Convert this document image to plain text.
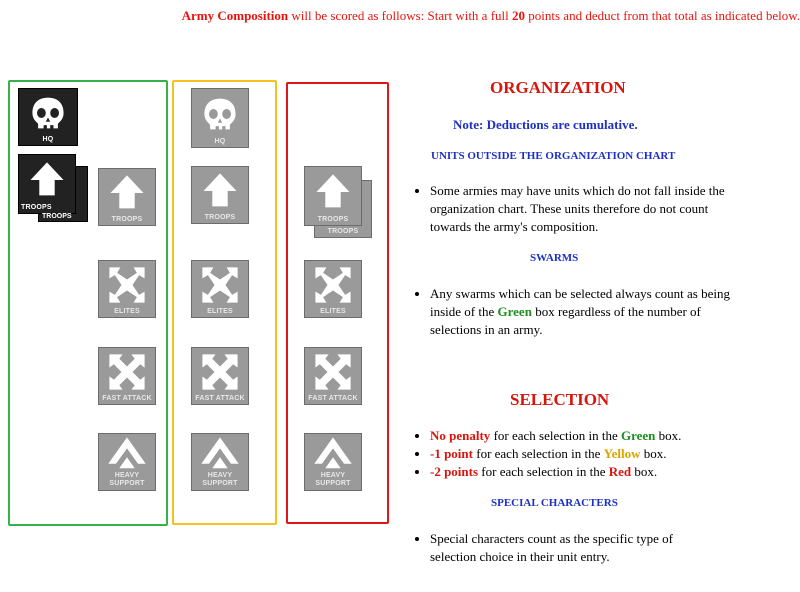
Army Composition will be scored as follows: Start with a full 20 points and deduct from that total as indicated below.
HQ
TROOPS
TROOPS	TROOPS
ELITES
FAST ATTACK
HEAVY
SUPPORT
HQ
TROOPS
ELITES
FAST ATTACK
HEAVY
SUPPORT
TROOPS
TROOPS
ELITES
FAST ATTACK
HEAVY
SUPPORT
ORGANIZATION
Note: Deductions are cumulative.
UNITS OUTSIDE THE ORGANIZATION CHART
• Some armies may have units which do not fall inside the organization chart. These units therefore do not count towards the army's composition.
SWARMS
• Any swarms which can be selected always count as being inside of the Green box regardless of the number of selections in an army.
SELECTION
• No penalty for each selection in the Green box.
• -1 point for each selection in the Yellow box.
• -2 points for each selection in the Red box.
SPECIAL CHARACTERS
• Special characters count as the specific type of selection choice in their unit entry.
